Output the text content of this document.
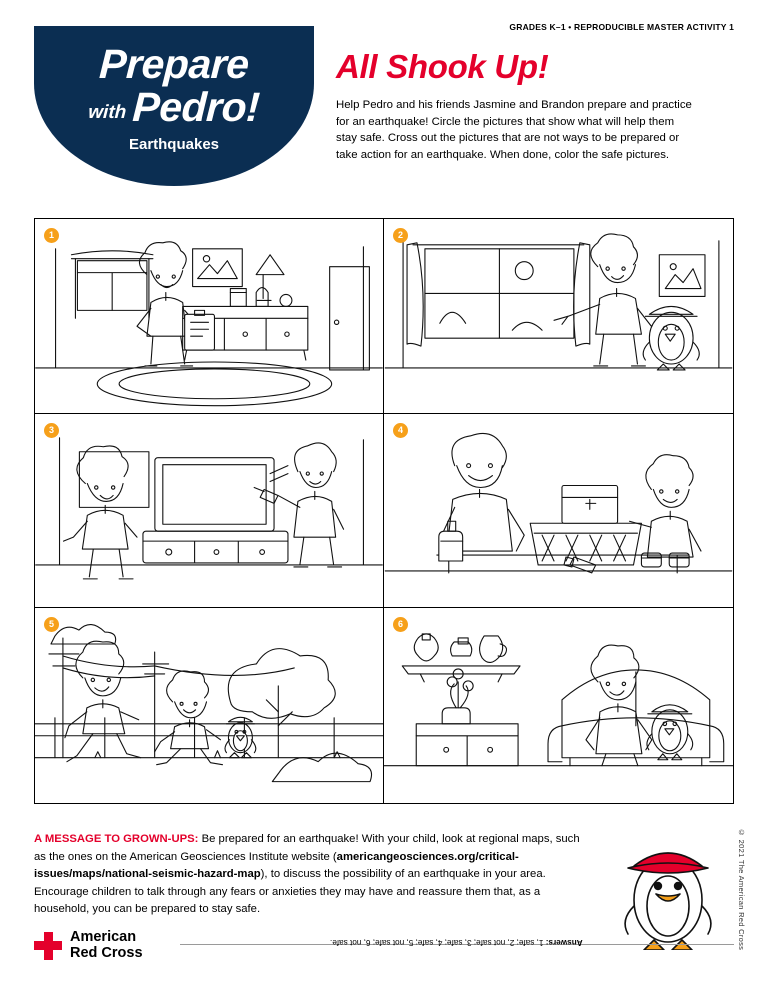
GRADES K–1 • REPRODUCIBLE MASTER ACTIVITY 1
Prepare
with Pedro!
Earthquakes
All Shook Up!

Help Pedro and his friends Jasmine and Brandon prepare and practice for an earthquake! Circle the pictures that show what will help them stay safe. Cross out the pictures that are not ways to be prepared or take action for an earthquake. When done, color the safe pictures.

1	2
3	4
5	6

A MESSAGE TO GROWN-UPS: Be prepared for an earthquake! With your child, look at regional maps, such as the ones on the American Geosciences Institute website (americangeosciences.org/critical-issues/maps/national-seismic-hazard-map), to discuss the possibility of an earthquake in your area. Encourage children to talk through any fears or anxieties they may have and reassure them that, as a household, you can be prepared to stay safe.	© 2021 The American Red Cross
American
Red Cross
Answers: 1, safe; 2, not safe; 3, safe; 4, safe; 5, not safe; 6, not safe.
